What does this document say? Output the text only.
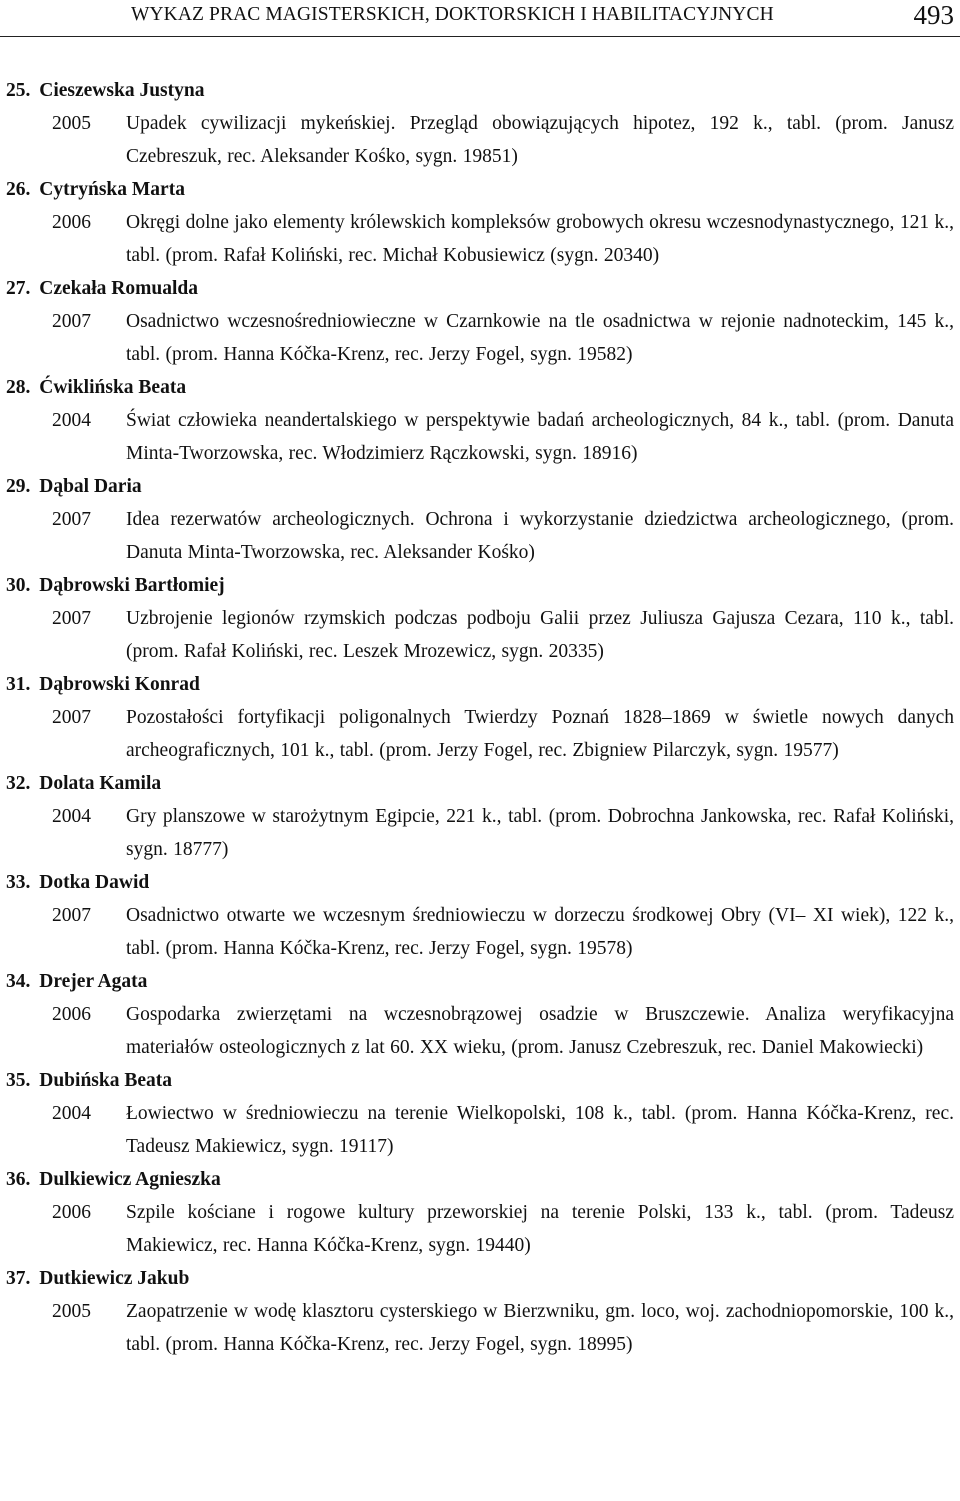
WYKAZ PRAC MAGISTERSKICH, DOKTORSKICH I HABILITACYJNYCH	493
25. Cieszewska Justyna
2005	Upadek cywilizacji mykeńskiej. Przegląd obowiązujących hipotez, 192 k., tabl. (prom. Janusz Czebreszuk, rec. Aleksander Kośko, sygn. 19851)
26. Cytryńska Marta
2006	Okręgi dolne jako elementy królewskich kompleksów grobowych okresu wczesnodynastycznego, 121 k., tabl. (prom. Rafał Koliński, rec. Michał Kobusiewicz (sygn. 20340)
27. Czekała Romualda
2007	Osadnictwo wczesnośredniowieczne w Czarnkowie na tle osadnictwa w rejonie nadnoteckim, 145 k., tabl. (prom. Hanna Kóčka-Krenz, rec. Jerzy Fogel, sygn. 19582)
28. Ćwiklińska Beata
2004	Świat człowieka neandertalskiego w perspektywie badań archeologicznych, 84 k., tabl. (prom. Danuta Minta-Tworzowska, rec. Włodzimierz Rączkowski, sygn. 18916)
29. Dąbal Daria
2007	Idea rezerwatów archeologicznych. Ochrona i wykorzystanie dziedzictwa archeologicznego, (prom. Danuta Minta-Tworzowska, rec. Aleksander Kośko)
30. Dąbrowski Bartłomiej
2007	Uzbrojenie legionów rzymskich podczas podboju Galii przez Juliusza Gajusza Cezara, 110 k., tabl. (prom. Rafał Koliński, rec. Leszek Mrozewicz, sygn. 20335)
31. Dąbrowski Konrad
2007	Pozostałości fortyfikacji poligonalnych Twierdzy Poznań 1828–1869 w świetle nowych danych archeograficznych, 101 k., tabl. (prom. Jerzy Fogel, rec. Zbigniew Pilarczyk, sygn. 19577)
32. Dolata Kamila
2004	Gry planszowe w starożytnym Egipcie, 221 k., tabl. (prom. Dobrochna Jankowska, rec. Rafał Koliński, sygn. 18777)
33. Dotka Dawid
2007	Osadnictwo otwarte we wczesnym średniowieczu w dorzeczu środkowej Obry (VI– XI wiek), 122 k., tabl. (prom. Hanna Kóčka-Krenz, rec. Jerzy Fogel, sygn. 19578)
34. Drejer Agata
2006	Gospodarka zwierzętami na wczesnobrązowej osadzie w Bruszczewie. Analiza weryfikacyjna materiałów osteologicznych z lat 60. XX wieku, (prom. Janusz Czebreszuk, rec. Daniel Makowiecki)
35. Dubińska Beata
2004	Łowiectwo w średniowieczu na terenie Wielkopolski, 108 k., tabl. (prom. Hanna Kóčka-Krenz, rec. Tadeusz Makiewicz, sygn. 19117)
36. Dulkiewicz Agnieszka
2006	Szpile kościane i rogowe kultury przeworskiej na terenie Polski, 133 k., tabl. (prom. Tadeusz Makiewicz, rec. Hanna Kóčka-Krenz, sygn. 19440)
37. Dutkiewicz Jakub
2005	Zaopatrzenie w wodę klasztoru cysterskiego w Bierzwniku, gm. loco, woj. zachodniopomorskie, 100 k., tabl. (prom. Hanna Kóčka-Krenz, rec. Jerzy Fogel, sygn. 18995)
